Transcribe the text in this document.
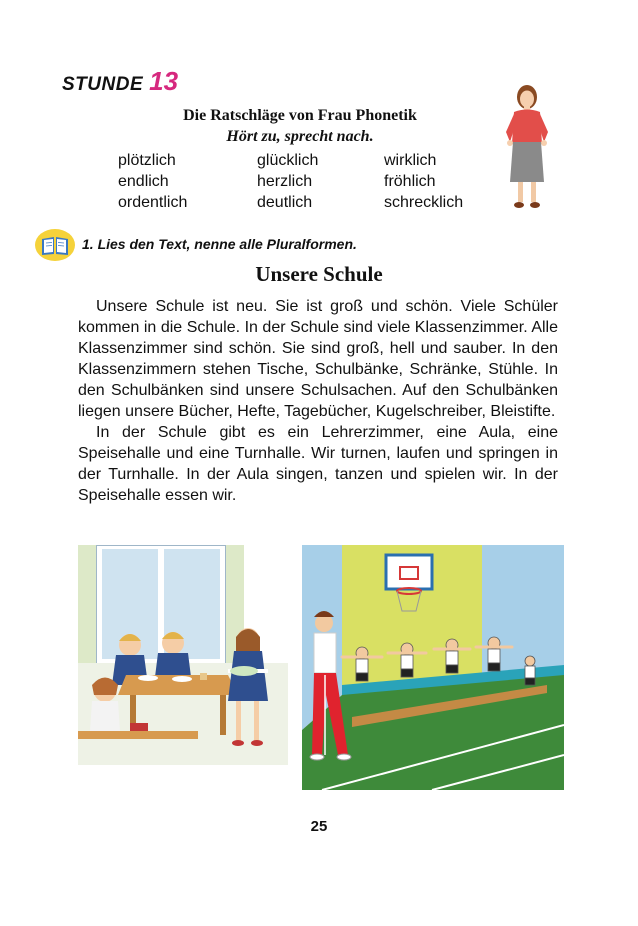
STUNDE 13
Die Ratschläge von Frau Phonetik
Hört zu, sprecht nach.
plötzlich
endlich
ordentlich
glücklich
herzlich
deutlich
wirklich
fröhlich
schrecklich
1. Lies den Text, nenne alle Pluralformen.
Unsere Schule

Unsere Schule ist neu. Sie ist groß und schön. Viele Schüler kommen in die Schule. In der Schule sind viele Klassenzimmer. Alle Klassenzimmer sind schön. Sie sind groß, hell und sauber. In den Klassenzimmern stehen Tische, Schulbänke, Schränke, Stühle. In den Schulbänken sind unsere Schulsachen. Auf den Schulbänken liegen unsere Bücher, Hefte, Tagebücher, Kugelschreiber, Bleistifte.

In der Schule gibt es ein Lehrerzimmer, eine Aula, eine Speisehalle und eine Turnhalle. Wir turnen, laufen und springen in der Turnhalle. In der Aula singen, tanzen und spielen wir. In der Speisehalle essen wir.

25
